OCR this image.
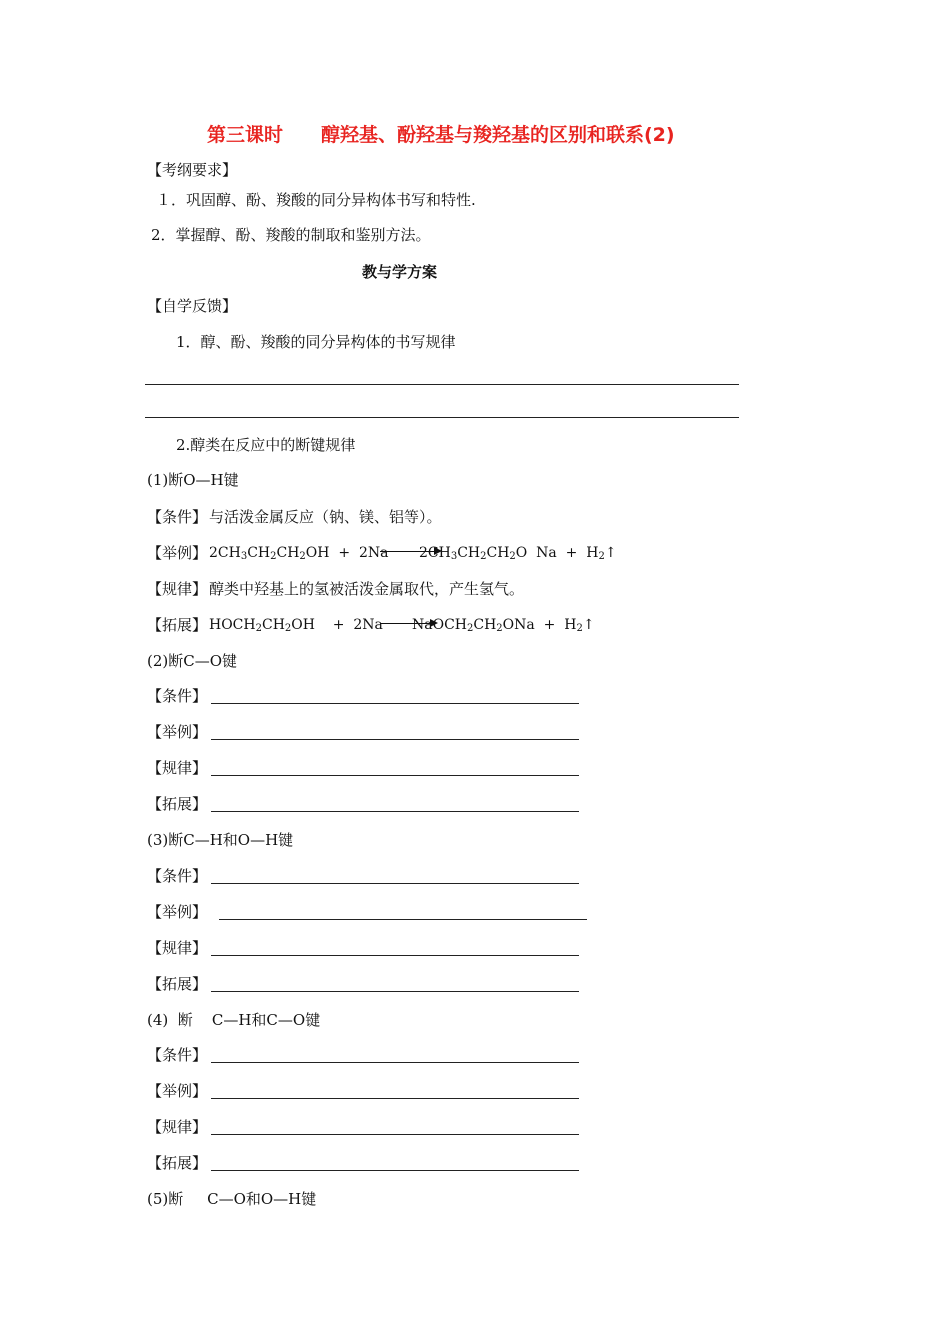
第三课时　　醇羟基、酚羟基与羧羟基的区别和联系(2)
【考纲要求】
１．巩固醇、酚、羧酸的同分异构体书写和特性.
2．掌握醇、酚、羧酸的制取和鉴别方法。
教与学方案
【自学反馈】
1．醇、酚、羧酸的同分异构体的书写规律
2.醇类在反应中的断键规律
(1)断O—H键
【条件】 与活泼金属反应（钠、镁、铝等）。
【举例】 $2CH_3CH_2CH_2OH + 2Na$ $2CH_3CH_2CH_2O$  $Na + H_2↑$
【规律】 醇类中羟基上的氢被活泼金属取代，产生氢气。
【拓展】 $HOCH_2CH_2OH$    +  2Na $NaOCH_2CH_2ONa$  +  $H_2↑$
(2)断C—O键
【条件】
【举例】
【规律】
【拓展】
(3)断C—H和O—H键
【条件】
【举例】
【规律】
【拓展】
(4)  断    C—H和C—O键
【条件】
【举例】
【规律】
【拓展】
(5)断     C—O和O—H键
